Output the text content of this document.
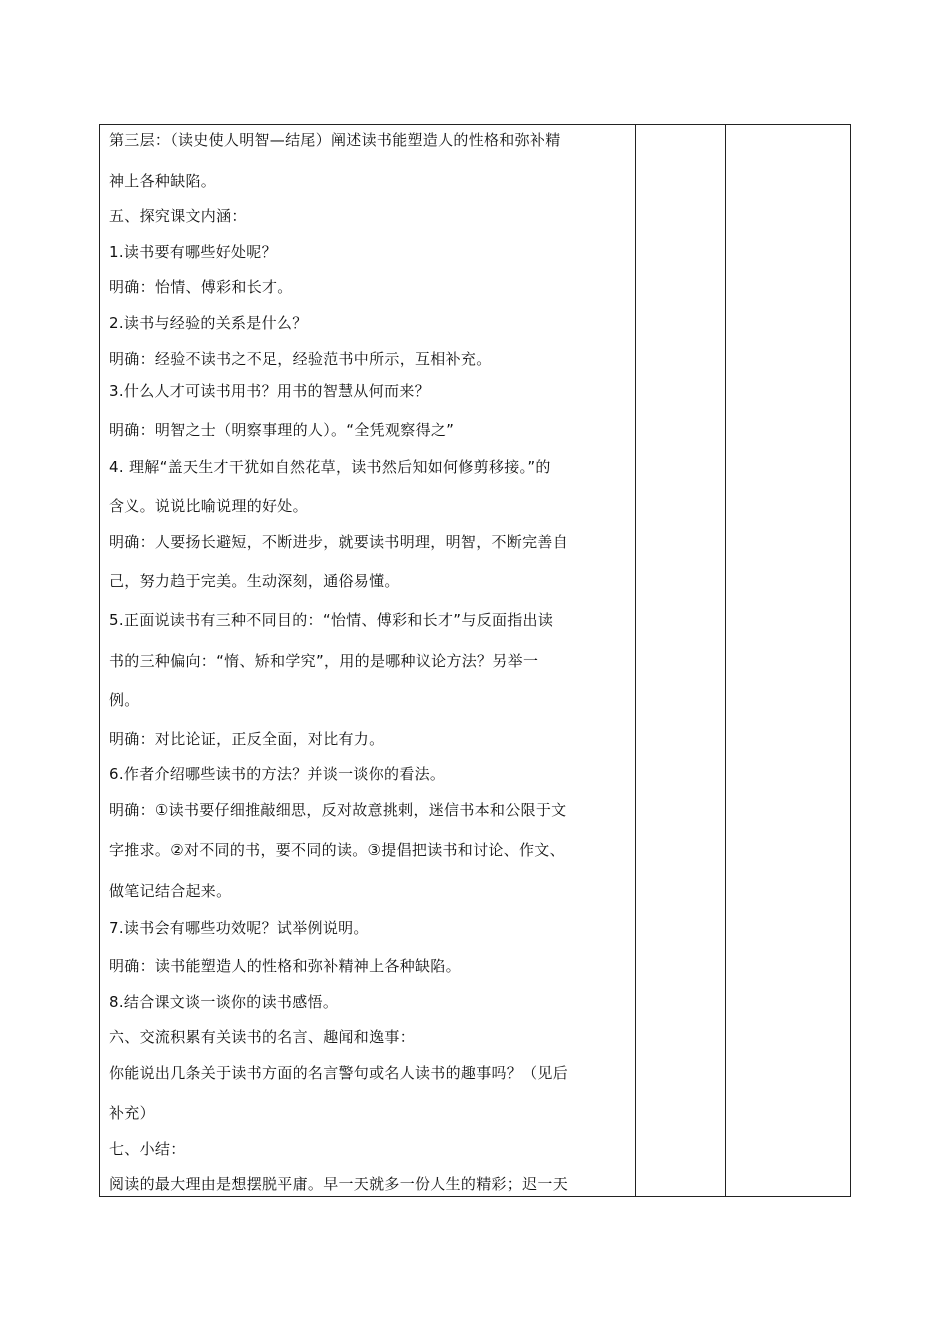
第三层：（读史使人明智—结尾）阐述读书能塑造人的性格和弥补精
神上各种缺陷。
五、探究课文内涵：
1.读书要有哪些好处呢？
明确：怡情、傅彩和长才。
2.读书与经验的关系是什么？
明确：经验不读书之不足，经验范书中所示，互相补充。
3.什么人才可读书用书？用书的智慧从何而来？
明确：明智之士（明察事理的人）。“全凭观察得之”
4. 理解“盖天生才干犹如自然花草，读书然后知如何修剪移接。”的
含义。说说比喻说理的好处。
明确：人要扬长避短，不断进步，就要读书明理，明智，不断完善自
己，努力趋于完美。生动深刻，通俗易懂。
5.正面说读书有三种不同目的：“怡情、傅彩和长才”与反面指出读
书的三种偏向：“惰、矫和学究”，用的是哪种议论方法？另举一
例。
明确：对比论证，正反全面，对比有力。
6.作者介绍哪些读书的方法？并谈一谈你的看法。
明确：①读书要仔细推敲细思，反对故意挑剌，迷信书本和公限于文
字推求。②对不同的书，要不同的读。③提倡把读书和讨论、作文、
做笔记结合起来。
7.读书会有哪些功效呢？试举例说明。
明确：读书能塑造人的性格和弥补精神上各种缺陷。
8.结合课文谈一谈你的读书感悟。
六、交流积累有关读书的名言、趣闻和逸事：
你能说出几条关于读书方面的名言警句或名人读书的趣事吗？（见后
补充）
七、小结：
阅读的最大理由是想摆脱平庸。早一天就多一份人生的精彩；迟一天
